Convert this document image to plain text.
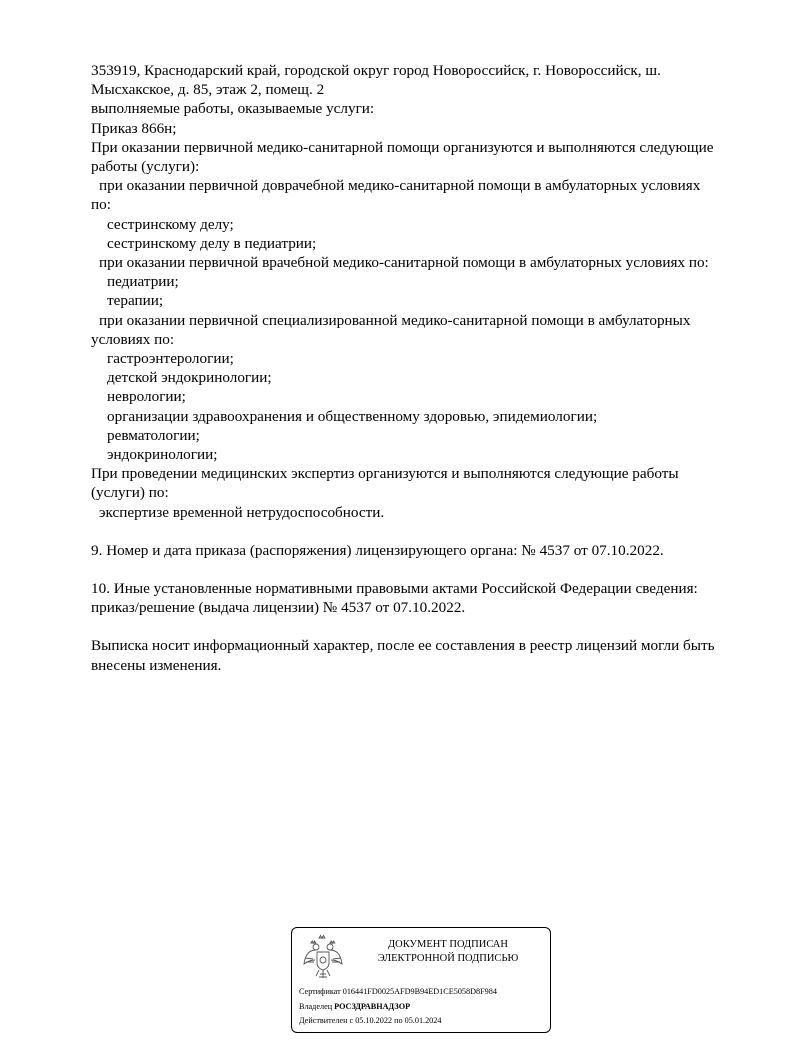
353919, Краснодарский край, городской округ город Новороссийск, г. Новороссийск, ш.
Мысхакское, д. 85, этаж 2, помещ. 2
выполняемые работы, оказываемые услуги:
Приказ 866н;
При оказании первичной медико-санитарной помощи организуются и выполняются следующие
работы (услуги):
при оказании первичной доврачебной медико-санитарной помощи в амбулаторных условиях
по:
сестринскому делу;
сестринскому делу в педиатрии;
при оказании первичной врачебной медико-санитарной помощи в амбулаторных условиях по:
педиатрии;
терапии;
при оказании первичной специализированной медико-санитарной помощи в амбулаторных
условиях по:
гастроэнтерологии;
детской эндокринологии;
неврологии;
организации здравоохранения и общественному здоровью, эпидемиологии;
ревматологии;
эндокринологии;
При проведении медицинских экспертиз организуются и выполняются следующие работы
(услуги) по:
экспертизе временной нетрудоспособности.
9. Номер и дата приказа (распоряжения) лицензирующего органа: № 4537 от 07.10.2022.
10. Иные установленные нормативными правовыми актами Российской Федерации сведения:
приказ/решение (выдача лицензии) № 4537 от 07.10.2022.
Выписка носит информационный характер, после ее составления в реестр лицензий могли быть
внесены изменения.
ДОКУМЕНТ ПОДПИСАН
ЭЛЕКТРОННОЙ ПОДПИСЬЮ
Сертификат 016441FD0025AFD9B94ED1CE5058D8F984
Владелец РОСЗДРАВНАДЗОР
Действителен с 05.10.2022 по 05.01.2024
